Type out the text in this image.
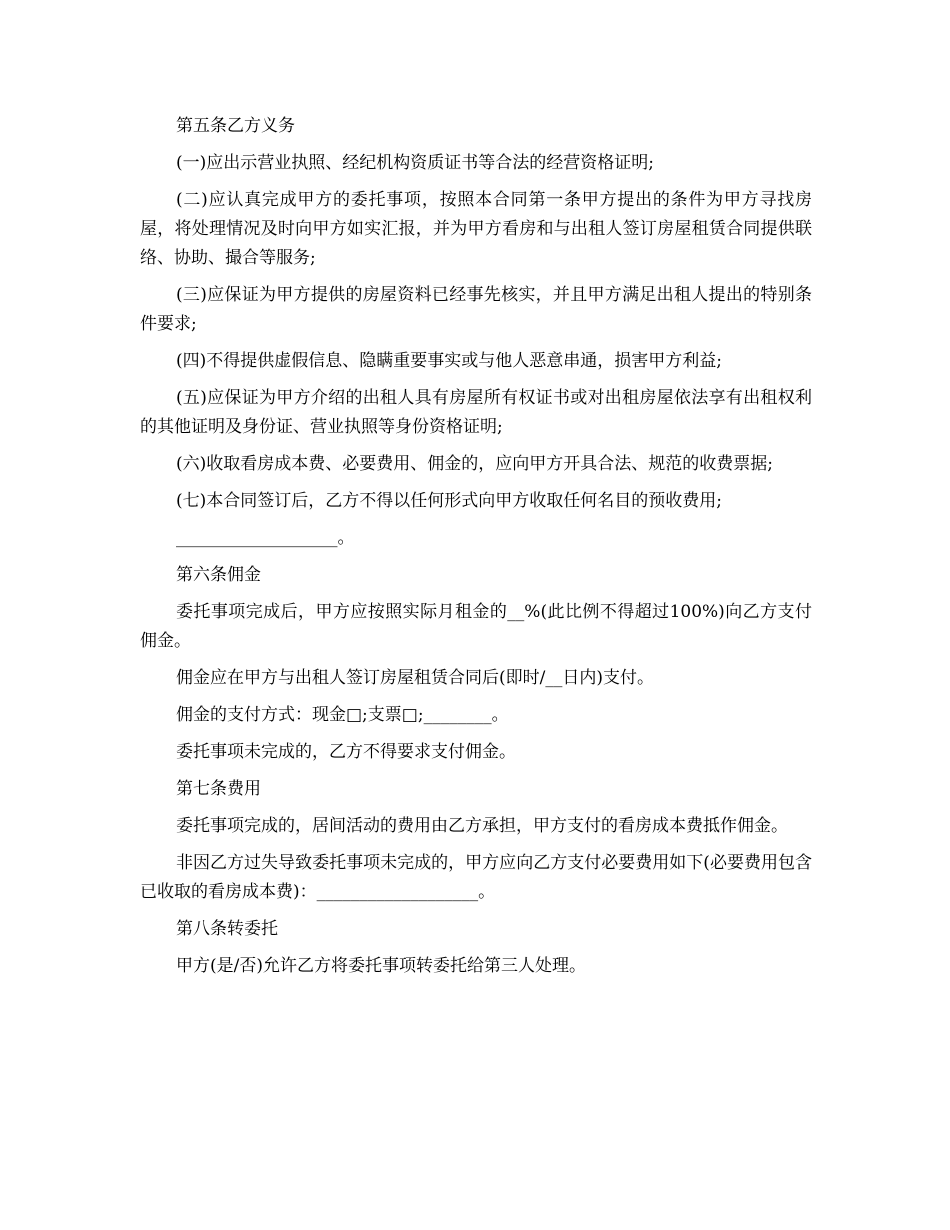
第五条乙方义务

(一)应出示营业执照、经纪机构资质证书等合法的经营资格证明;

(二)应认真完成甲方的委托事项，按照本合同第一条甲方提出的条件为甲方寻找房屋，将处理情况及时向甲方如实汇报，并为甲方看房和与出租人签订房屋租赁合同提供联络、协助、撮合等服务;

(三)应保证为甲方提供的房屋资料已经事先核实，并且甲方满足出租人提出的特别条件要求;

(四)不得提供虚假信息、隐瞒重要事实或与他人恶意串通，损害甲方利益;

(五)应保证为甲方介绍的出租人具有房屋所有权证书或对出租房屋依法享有出租权利的其他证明及身份证、营业执照等身份资格证明;

(六)收取看房成本费、必要费用、佣金的，应向甲方开具合法、规范的收费票据;

(七)本合同签订后，乙方不得以任何形式向甲方收取任何名目的预收费用;

___________________。

第六条佣金

委托事项完成后，甲方应按照实际月租金的__%(此比例不得超过100%)向乙方支付佣金。

佣金应在甲方与出租人签订房屋租赁合同后(即时/__日内)支付。

佣金的支付方式：现金□;支票□;________。

委托事项未完成的，乙方不得要求支付佣金。

第七条费用

委托事项完成的，居间活动的费用由乙方承担，甲方支付的看房成本费抵作佣金。

非因乙方过失导致委托事项未完成的，甲方应向乙方支付必要费用如下(必要费用包含已收取的看房成本费)：___________________。

第八条转委托

甲方(是/否)允许乙方将委托事项转委托给第三人处理。
